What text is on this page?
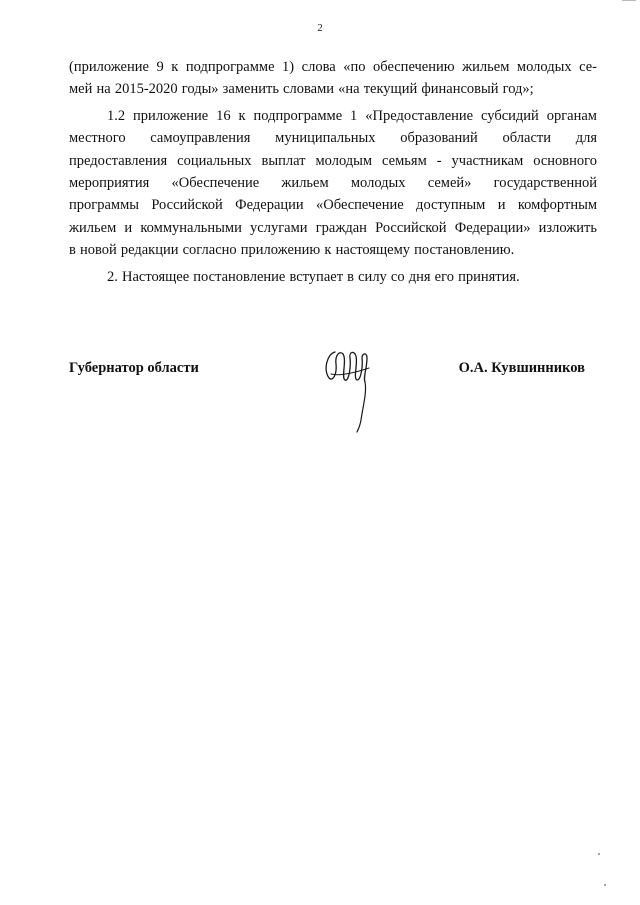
2

(приложение 9 к подпрограмме 1) слова «по обеспечению жильем молодых се-
мей на 2015-2020 годы» заменить словами «на текущий финансовый год»;

1.2 приложение 16 к подпрограмме 1 «Предоставление субсидий органам
местного самоуправления муниципальных образований области для
предоставления социальных выплат молодым семьям - участникам основного
мероприятия «Обеспечение жильем молодых семей» государственной
программы Российской Федерации «Обеспечение доступным и комфортным
жильем и коммунальными услугами граждан Российской Федерации» изложить
в новой редакции согласно приложению к настоящему постановлению.

2. Настоящее постановление вступает в силу со дня его принятия.

Губернатор области	О.А. Кувшинников
